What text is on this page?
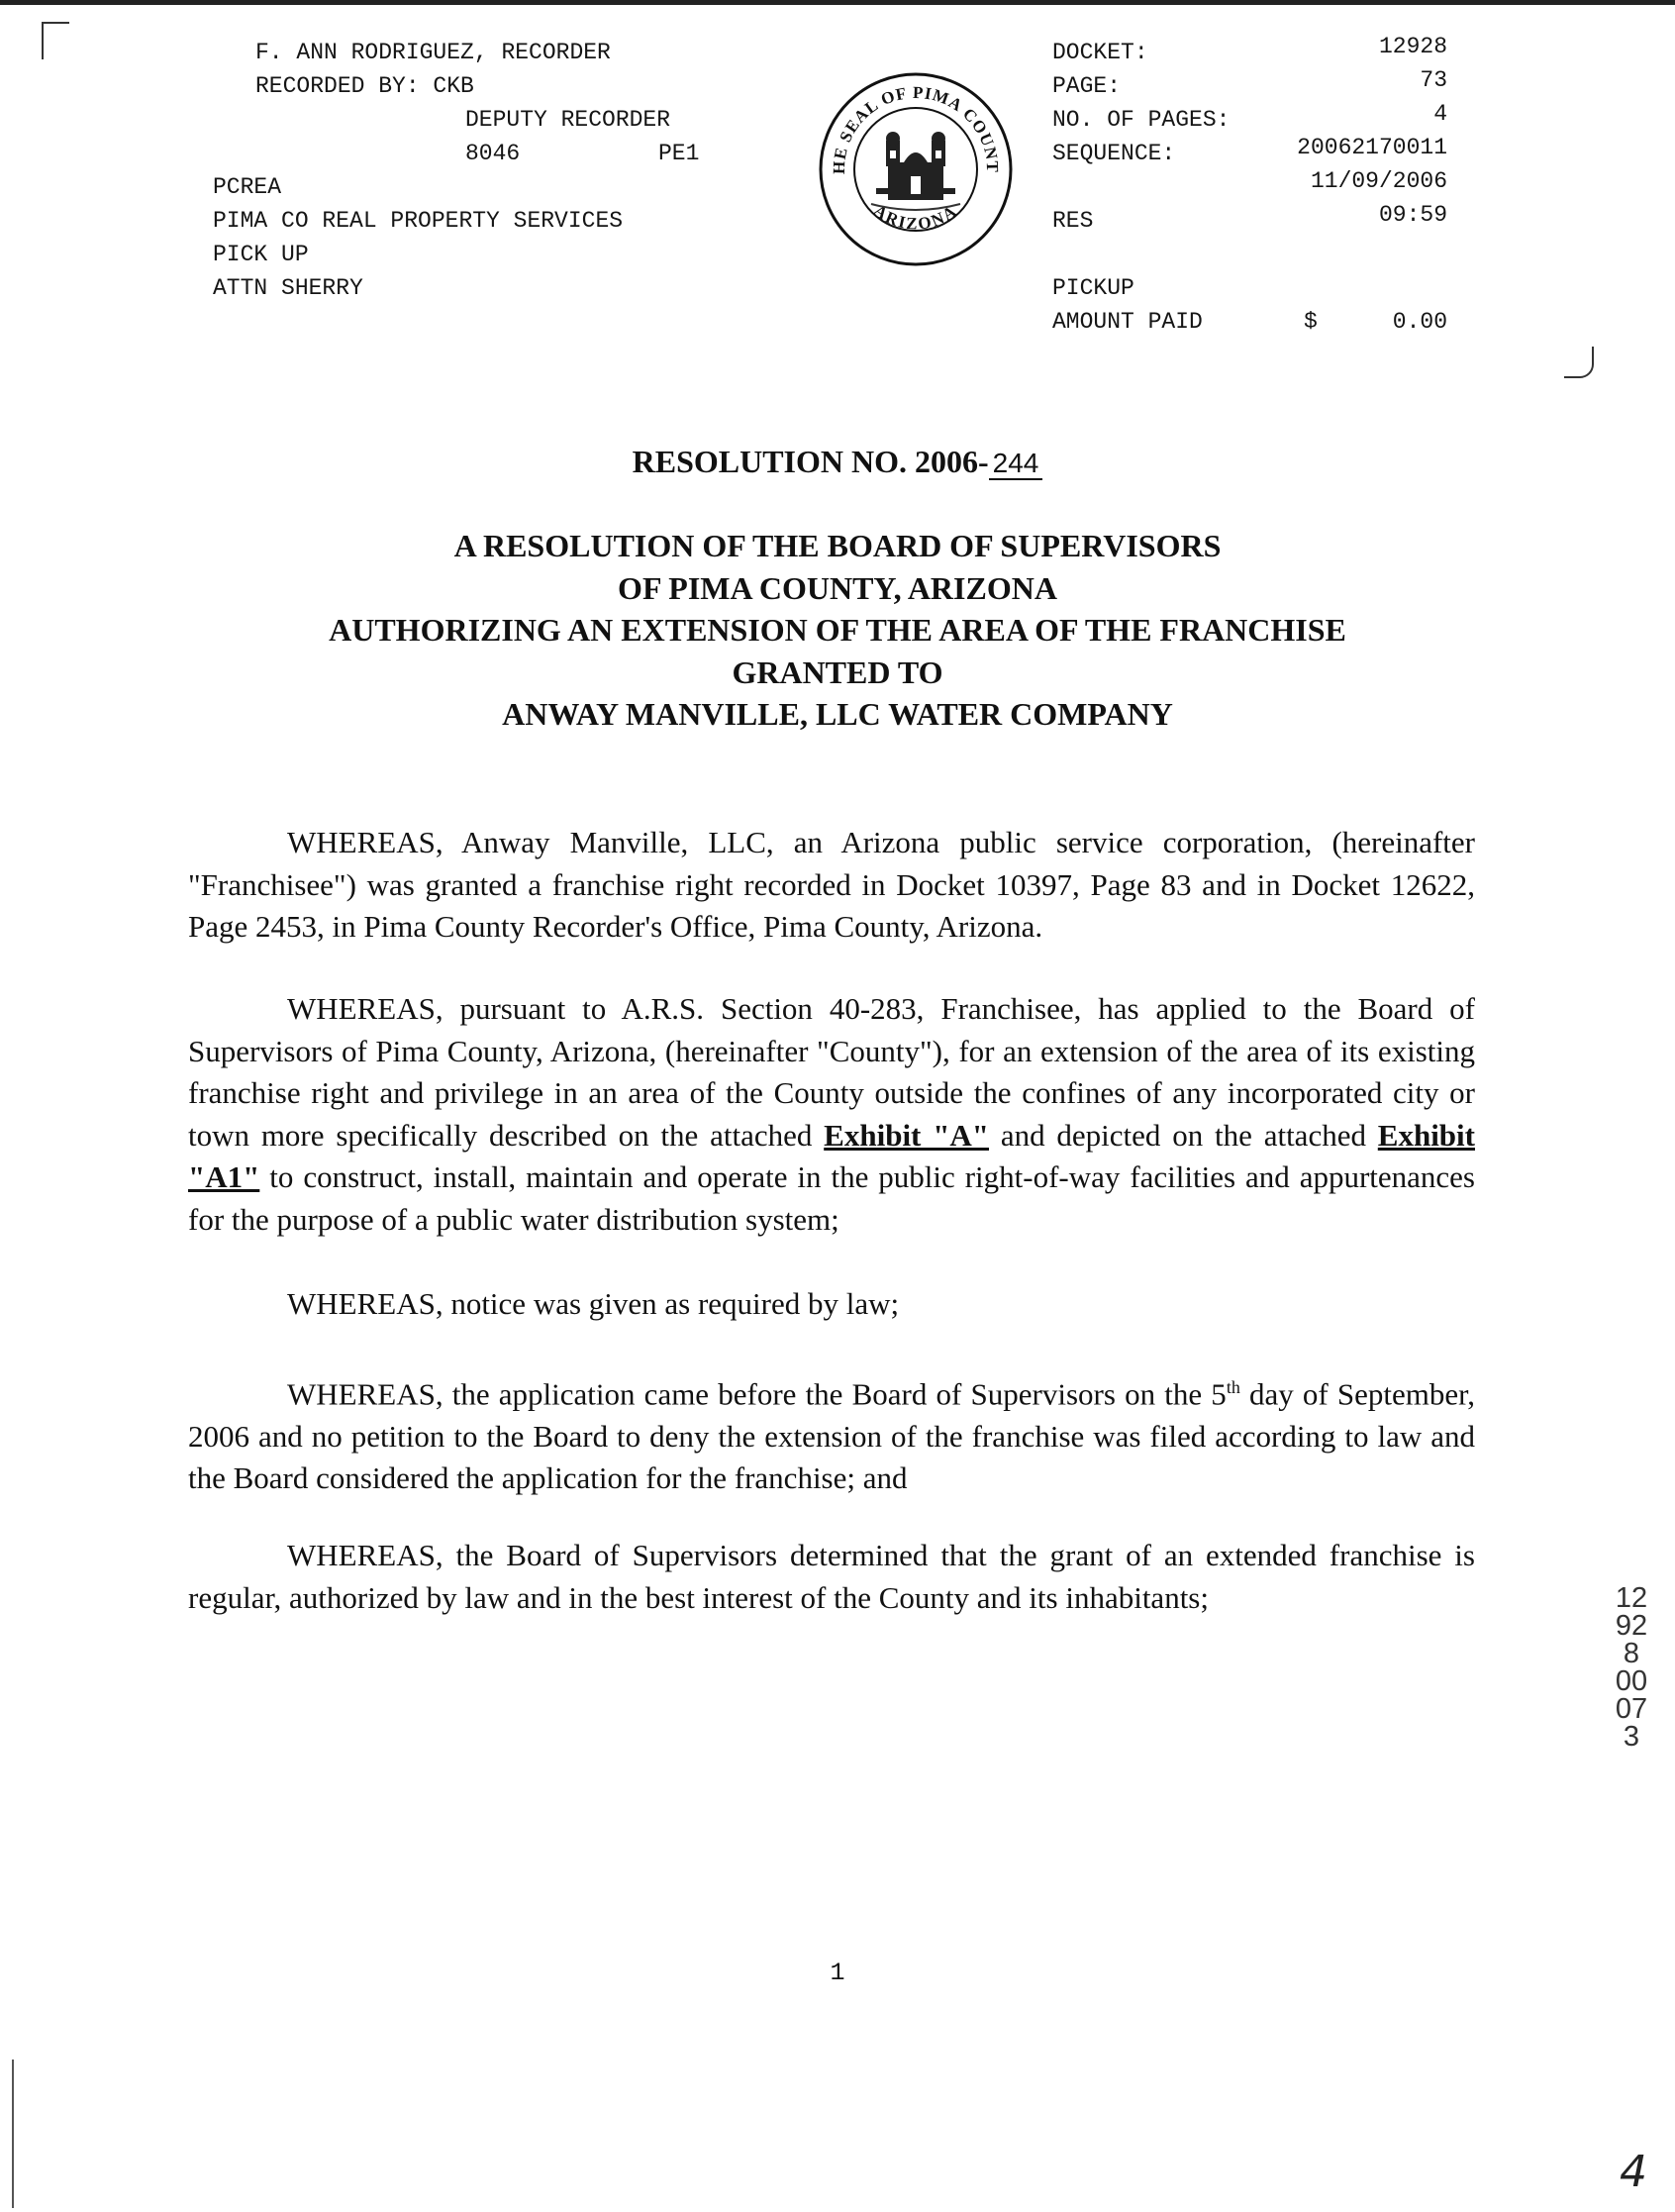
F. ANN RODRIGUEZ, RECORDER
RECORDED BY: CKB
DEPUTY RECORDER
8046	PE1
PCREA
PIMA CO REAL PROPERTY SERVICES
PICK UP
ATTN SHERRY
HE SEAL OF PIMA COUNT
ARIZONA
DOCKET:	12928
PAGE:	73
NO. OF PAGES:	4
SEQUENCE:	20062170011
11/09/2006
RES	09:59
PICKUP
AMOUNT PAID	$	0.00
RESOLUTION NO. 2006- 244
A RESOLUTION OF THE BOARD OF SUPERVISORS
OF PIMA COUNTY, ARIZONA
AUTHORIZING AN EXTENSION OF THE AREA OF THE FRANCHISE
GRANTED TO
ANWAY MANVILLE, LLC WATER COMPANY
WHEREAS, Anway Manville, LLC, an Arizona public service corporation, (hereinafter "Franchisee") was granted a franchise right recorded in Docket 10397, Page 83 and in Docket 12622, Page 2453, in Pima County Recorder's Office, Pima County, Arizona.
WHEREAS, pursuant to A.R.S. Section 40-283, Franchisee, has applied to the Board of Supervisors of Pima County, Arizona, (hereinafter "County"), for an extension of the area of its existing franchise right and privilege in an area of the County outside the confines of any incorporated city or town more specifically described on the attached Exhibit "A" and depicted on the attached Exhibit "A1" to construct, install, maintain and operate in the public right-of-way facilities and appurtenances for the purpose of a public water distribution system;
WHEREAS, notice was given as required by law;
WHEREAS, the application came before the Board of Supervisors on the 5th day of September, 2006 and no petition to the Board to deny the extension of the franchise was filed according to law and the Board considered the application for the franchise; and
WHEREAS, the Board of Supervisors determined that the grant of an extended franchise is regular, authorized by law and in the best interest of the County and its inhabitants;
1
12928 00073
4
